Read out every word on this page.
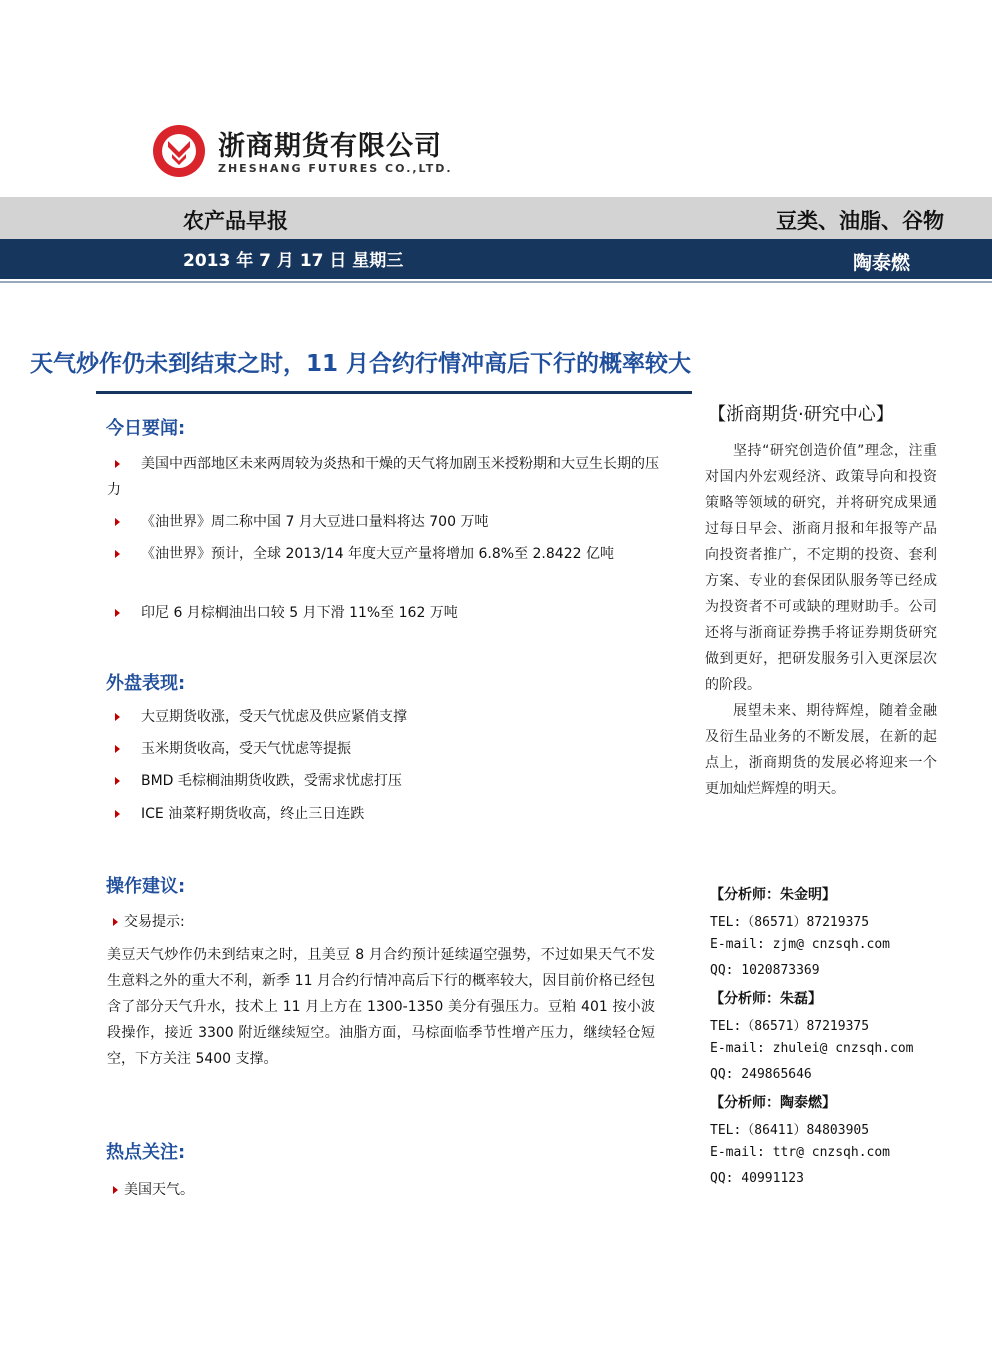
浙商期货有限公司
ZHESHANG FUTURES CO.,LTD.
农产品早报	豆类、油脂、谷物
2013 年 7 月 17 日 星期三	陶泰燃
天气炒作仍未到结束之时，11 月合约行情冲高后下行的概率较大
今日要闻:
美国中西部地区未来两周较为炎热和干燥的天气将加剧玉米授粉期和大豆生长期的压力
《油世界》周二称中国 7 月大豆进口量料将达 700 万吨
《油世界》预计，全球 2013/14 年度大豆产量将增加 6.8%至 2.8422 亿吨
印尼 6 月棕榈油出口较 5 月下滑 11%至 162 万吨
外盘表现:
大豆期货收涨，受天气忧虑及供应紧俏支撑
玉米期货收高，受天气忧虑等提振
BMD 毛棕榈油期货收跌，受需求忧虑打压
ICE 油菜籽期货收高，终止三日连跌
操作建议:
交易提示:
美豆天气炒作仍未到结束之时，且美豆 8 月合约预计延续逼空强势，不过如果天气不发生意料之外的重大不利，新季 11 月合约行情冲高后下行的概率较大，因目前价格已经包含了部分天气升水，技术上 11 月上方在 1300-1350 美分有强压力。豆粕 401 按小波段操作，接近 3300 附近继续短空。油脂方面，马棕面临季节性增产压力，继续轻仓短空，下方关注 5400 支撑。
热点关注:
美国天气。
【浙商期货·研究中心】
坚持“研究创造价值”理念，注重对国内外宏观经济、政策导向和投资策略等领域的研究，并将研究成果通过每日早会、浙商月报和年报等产品向投资者推广，不定期的投资、套利方案、专业的套保团队服务等已经成为投资者不可或缺的理财助手。公司还将与浙商证券携手将证券期货研究做到更好，把研发服务引入更深层次的阶段。
展望未来、期待辉煌，随着金融及衍生品业务的不断发展，在新的起点上，浙商期货的发展必将迎来一个更加灿烂辉煌的明天。
【分析师：朱金明】
TEL:（86571）87219375
E-mail: zjm@ cnzsqh.com
QQ: 1020873369
【分析师：朱磊】
TEL:（86571）87219375
E-mail: zhulei@ cnzsqh.com
QQ: 249865646
【分析师：陶泰燃】
TEL:（86411）84803905
E-mail: ttr@ cnzsqh.com
QQ: 40991123
